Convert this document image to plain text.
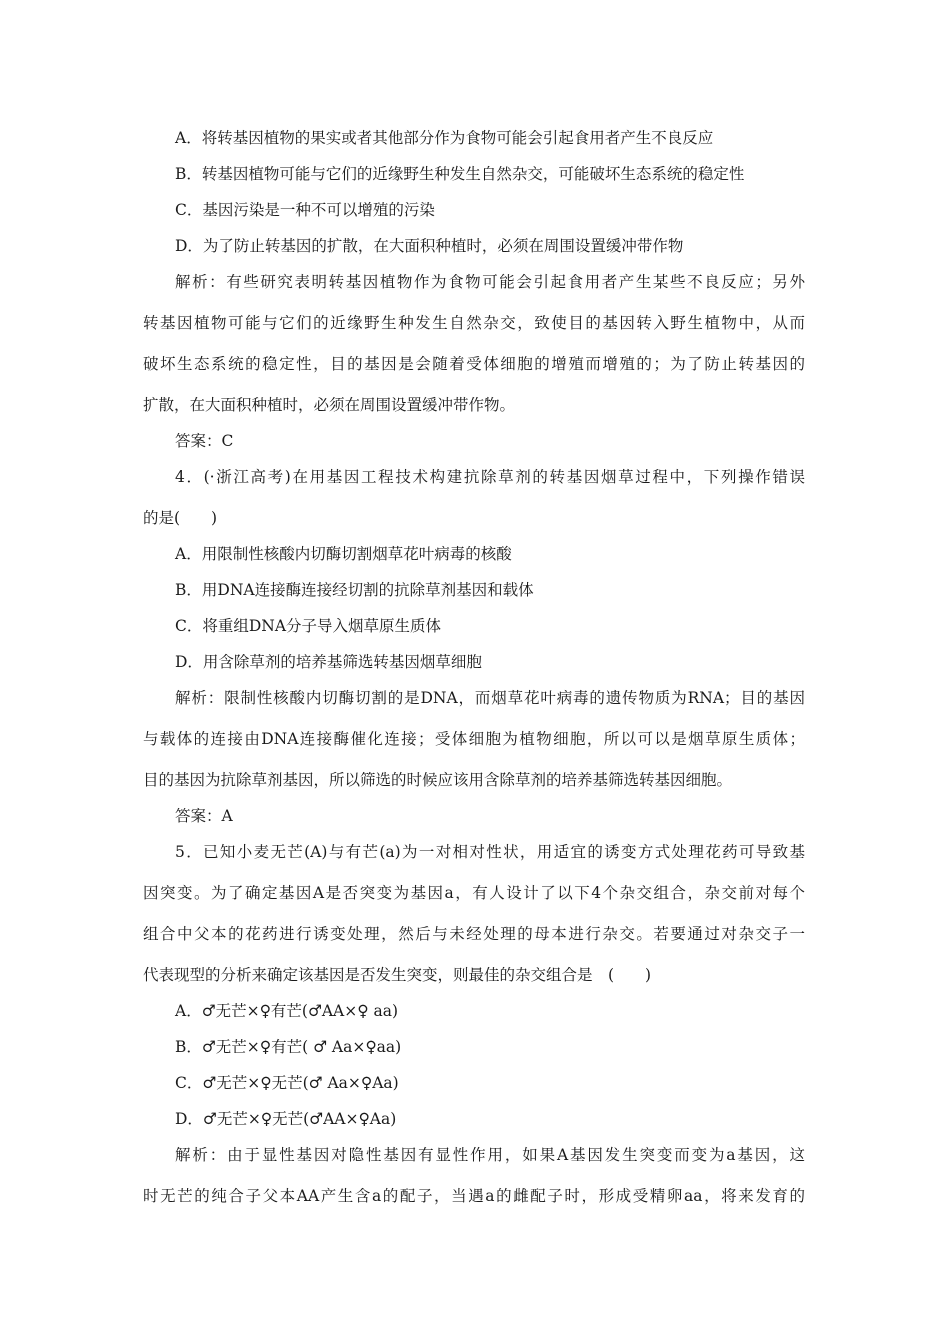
A．将转基因植物的果实或者其他部分作为食物可能会引起食用者产生不良反应
B．转基因植物可能与它们的近缘野生种发生自然杂交，可能破坏生态系统的稳定性
C．基因污染是一种不可以增殖的污染
D．为了防止转基因的扩散，在大面积种植时，必须在周围设置缓冲带作物
解析：有些研究表明转基因植物作为食物可能会引起食用者产生某些不良反应；另外
转基因植物可能与它们的近缘野生种发生自然杂交，致使目的基因转入野生植物中，从而
破坏生态系统的稳定性，目的基因是会随着受体细胞的增殖而增殖的；为了防止转基因的
扩散，在大面积种植时，必须在周围设置缓冲带作物。
答案：C
4．(·浙江高考)在用基因工程技术构建抗除草剂的转基因烟草过程中，下列操作错误
的是(　　)
A．用限制性核酸内切酶切割烟草花叶病毒的核酸
B．用DNA连接酶连接经切割的抗除草剂基因和载体
C．将重组DNA分子导入烟草原生质体
D．用含除草剂的培养基筛选转基因烟草细胞
解析：限制性核酸内切酶切割的是DNA，而烟草花叶病毒的遗传物质为RNA；目的基因
与载体的连接由DNA连接酶催化连接；受体细胞为植物细胞，所以可以是烟草原生质体；
目的基因为抗除草剂基因，所以筛选的时候应该用含除草剂的培养基筛选转基因细胞。
答案：A
5．已知小麦无芒(A)与有芒(a)为一对相对性状，用适宜的诱变方式处理花药可导致基
因突变。为了确定基因A是否突变为基因a，有人设计了以下4个杂交组合，杂交前对每个
组合中父本的花药进行诱变处理，然后与未经处理的母本进行杂交。若要通过对杂交子一
代表现型的分析来确定该基因是否发生突变，则最佳的杂交组合是　(　　)
A．♂无芒×♀有芒(♂AA×♀ aa)
B．♂无芒×♀有芒( ♂ Aa×♀aa)
C．♂无芒×♀无芒(♂ Aa×♀Aa)
D．♂无芒×♀无芒(♂AA×♀Aa)
解析：由于显性基因对隐性基因有显性作用，如果A基因发生突变而变为a基因，这
时无芒的纯合子父本AA产生含a的配子，当遇a的雌配子时，形成受精卵aa，将来发育的
